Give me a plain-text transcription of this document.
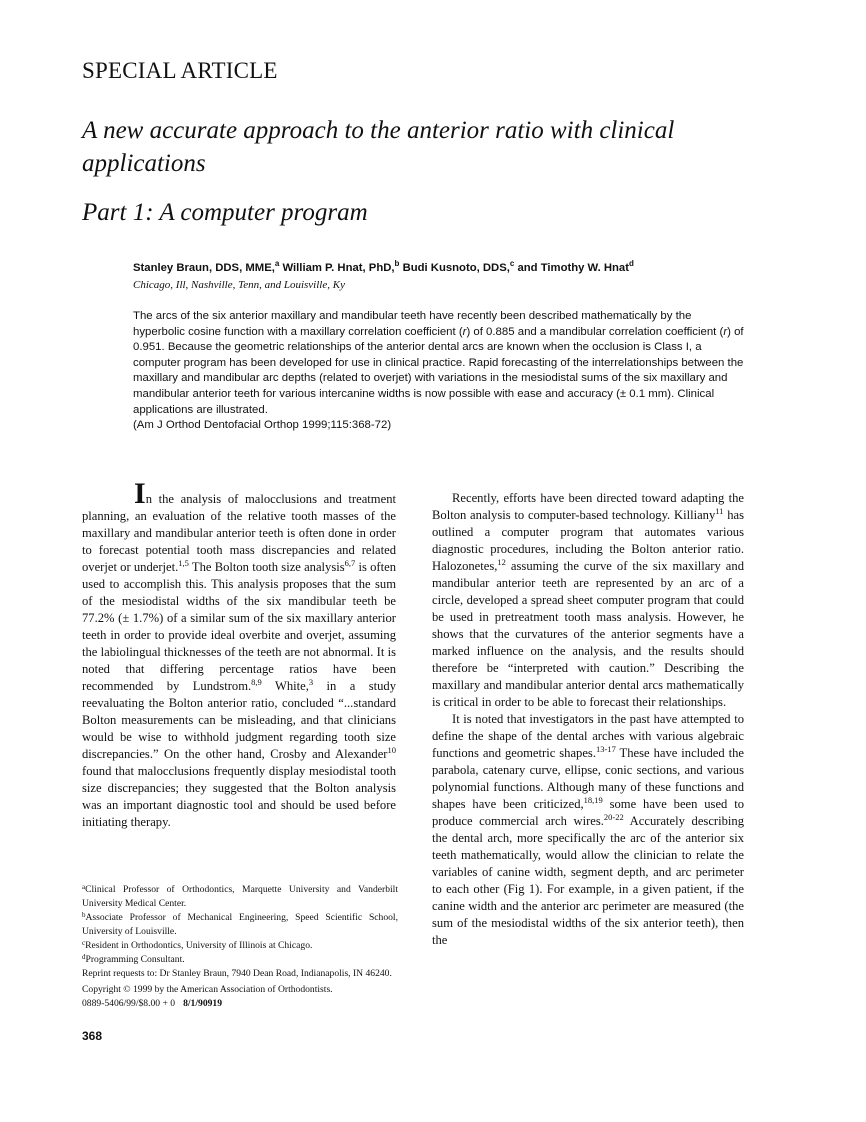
SPECIAL ARTICLE
A new accurate approach to the anterior ratio with clinical applications
Part 1: A computer program
Stanley Braun, DDS, MME,$^a$ William P. Hnat, PhD,$^b$ Budi Kusnoto, DDS,$^c$ and Timothy W. Hnat$^d$
Chicago, Ill, Nashville, Tenn, and Louisville, Ky
The arcs of the six anterior maxillary and mandibular teeth have recently been described mathematically by the hyperbolic cosine function with a maxillary correlation coefficient (r) of 0.885 and a mandibular correlation coefficient (r) of 0.951. Because the geometric relationships of the anterior dental arcs are known when the occlusion is Class I, a computer program has been developed for use in clinical practice. Rapid forecasting of the interrelationships between the maxillary and mandibular arc depths (related to overjet) with variations in the mesiodistal sums of the six maxillary and mandibular anterior teeth for various intercanine widths is now possible with ease and accuracy (± 0.1 mm). Clinical applications are illustrated.
(Am J Orthod Dentofacial Orthop 1999;115:368-72)

In the analysis of malocclusions and treatment planning, an evaluation of the relative tooth masses of the maxillary and mandibular anterior teeth is often done in order to forecast potential tooth mass discrepancies and related overjet or underjet.$^{1,5}$ The Bolton tooth size analysis$^{6,7}$ is often used to accomplish this. This analysis proposes that the sum of the mesiodistal widths of the six mandibular teeth be 77.2% (± 1.7%) of a similar sum of the six maxillary anterior teeth in order to provide ideal overbite and overjet, assuming the labiolingual thicknesses of the teeth are not abnormal. It is noted that differing percentage ratios have been recommended by Lundstrom.$^{8,9}$ White,$^3$ in a study reevaluating the Bolton anterior ratio, concluded “...standard Bolton measurements can be misleading, and that clinicians would be wise to withhold judgment regarding tooth size discrepancies.” On the other hand, Crosby and Alexander$^{10}$ found that malocclusions frequently display mesiodistal tooth size discrepancies; they suggested that the Bolton analysis was an important diagnostic tool and should be used before initiating therapy.

Recently, efforts have been directed toward adapting the Bolton analysis to computer-based technology. Killiany$^{11}$ has outlined a computer program that automates various diagnostic procedures, including the Bolton anterior ratio. Halozonetes,$^{12}$ assuming the curve of the six maxillary and mandibular anterior teeth are represented by an arc of a circle, developed a spread sheet computer program that could be used in pretreatment tooth mass analysis. However, he shows that the curvatures of the anterior segments have a marked influence on the analysis, and the results should therefore be “interpreted with caution.” Describing the maxillary and mandibular anterior dental arcs mathematically is critical in order to be able to forecast their relationships.

It is noted that investigators in the past have attempted to define the shape of the dental arches with various algebraic functions and geometric shapes.$^{13-17}$ These have included the parabola, catenary curve, ellipse, conic sections, and various polynomial functions. Although many of these functions and shapes have been criticized,$^{18,19}$ some have been used to produce commercial arch wires.$^{20-22}$ Accurately describing the dental arch, more specifically the arc of the anterior six teeth mathematically, would allow the clinician to relate the variables of canine width, segment depth, and arc perimeter to each other (Fig 1). For example, in a given patient, if the canine width and the anterior arc perimeter are measured (the sum of the mesiodistal widths of the six anterior teeth), then the

$^a$Clinical Professor of Orthodontics, Marquette University and Vanderbilt University Medical Center.

$^b$Associate Professor of Mechanical Engineering, Speed Scientific School, University of Louisville.

$^c$Resident in Orthodontics, University of Illinois at Chicago.

$^d$Programming Consultant.

Reprint requests to: Dr Stanley Braun, 7940 Dean Road, Indianapolis, IN 46240.

Copyright © 1999 by the American Association of Orthodontists.

0889-5406/99/$8.00 + 0 8/1/90919

368
